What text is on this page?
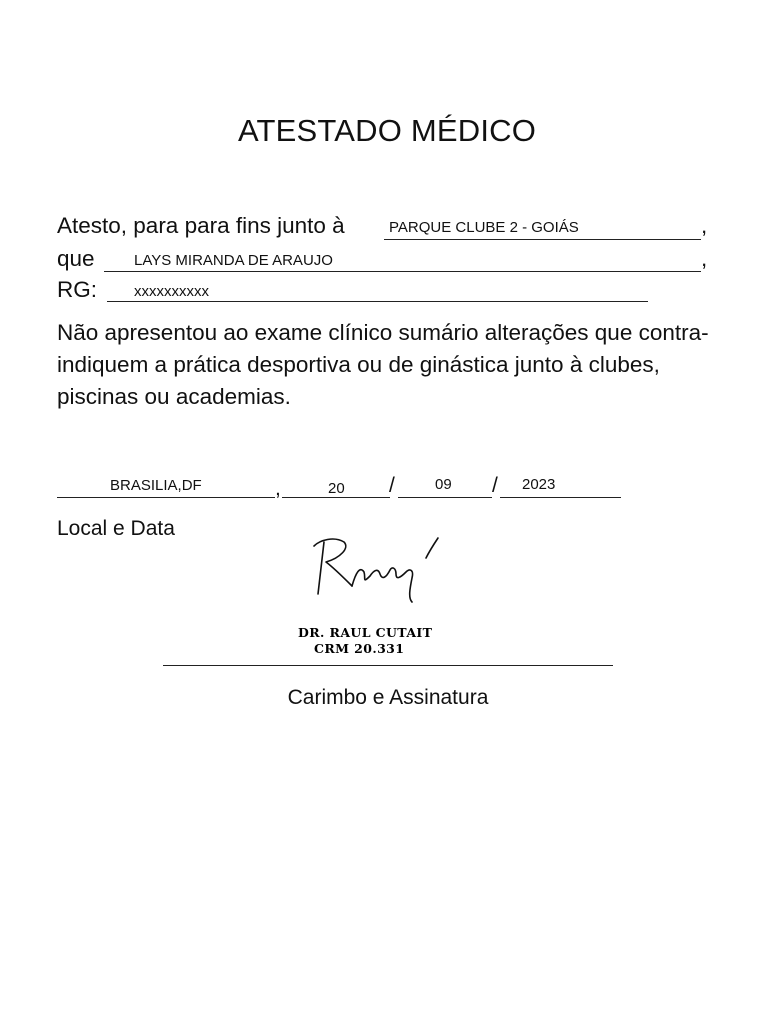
ATESTADO MÉDICO
Atesto, para para fins junto à	PARQUE CLUBE 2 - GOIÁS	,
que	LAYS MIRANDA DE ARAUJO	,
RG: xxxxxxxxxx
Não apresentou ao exame clínico sumário alterações que contra-indiquem a prática desportiva ou de ginástica junto à clubes, piscinas ou academias.
BRASILIA,DF	,	20 /	09 / 2023
Local e Data
DR. RAUL CUTAIT
CRM 20.331
Carimbo e Assinatura
